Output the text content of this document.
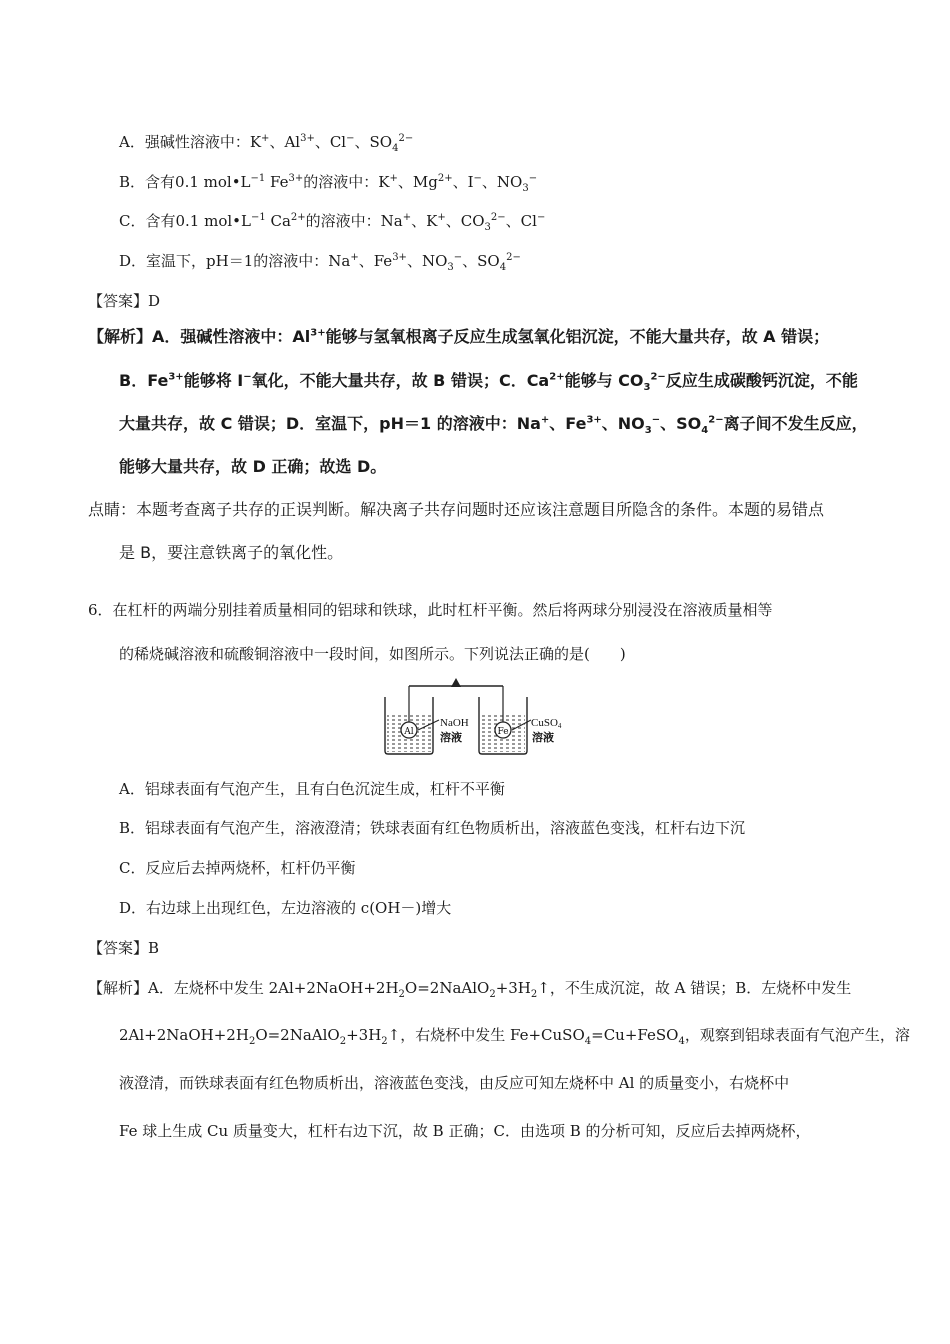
A．强碱性溶液中：K+、$Al^{3+}$、Cl−、$SO_4^{2-}$
B．含有0.1 $mol•L^{-1}$ $Fe^{3+}$的溶液中：K+、$Mg^{2+}$、I−、$NO_3^-$
C．含有0.1 $mol•L^{-1}$ $Ca^{2+}$的溶液中：Na+、K+、$CO_3^{2-}$、Cl−
D．室温下，pH＝1的溶液中：Na+、$Fe^{3+}$、$NO_3^-$、$SO_4^{2-}$
【答案】D
【解析】A．强碱性溶液中：$Al^{3+}$能够与氢氧根离子反应生成氢氧化铝沉淀，不能大量共存，故 A 错误；
B．$Fe^{3+}$能够将 I−氧化，不能大量共存，故 B 错误；C．$Ca^{2+}$能够与 $CO_3^{2-}$反应生成碳酸钙沉淀，不能
大量共存，故 C 错误；D．室温下，pH＝1 的溶液中：Na+、$Fe^{3+}$、$NO_3^-$、$SO_4^{2-}$离子间不发生反应，
能够大量共存，故 D 正确；故选 D。
点睛：本题考查离子共存的正误判断。解决离子共存问题时还应该注意题目所隐含的条件。本题的易错点
是 B，要注意铁离子的氧化性。
6．在杠杆的两端分别挂着质量相同的铝球和铁球，此时杠杆平衡。然后将两球分别浸没在溶液质量相等
的稀烧碱溶液和硫酸铜溶液中一段时间，如图所示。下列说法正确的是(　　)
Al
NaOH
溶液	Fe
CuSO4
溶液
A．铝球表面有气泡产生，且有白色沉淀生成，杠杆不平衡
B．铝球表面有气泡产生，溶液澄清；铁球表面有红色物质析出，溶液蓝色变浅，杠杆右边下沉
C．反应后去掉两烧杯，杠杆仍平衡
D．右边球上出现红色，左边溶液的 c(OH－)增大
【答案】B
【解析】A．左烧杯中发生 $2Al+2NaOH+2H_2O=2NaAlO_2+3H_2↑$，不生成沉淀，故 A 错误；B．左烧杯中发生
$2Al+2NaOH+2H_2O=2NaAlO_2+3H_2↑$，右烧杯中发生 Fe+CuSO$_4$=Cu+FeSO$_4$，观察到铝球表面有气泡产生，溶
液澄清，而铁球表面有红色物质析出，溶液蓝色变浅，由反应可知左烧杯中 Al 的质量变小，右烧杯中
Fe 球上生成 Cu 质量变大，杠杆右边下沉，故 B 正确；C．由选项 B 的分析可知，反应后去掉两烧杯，
